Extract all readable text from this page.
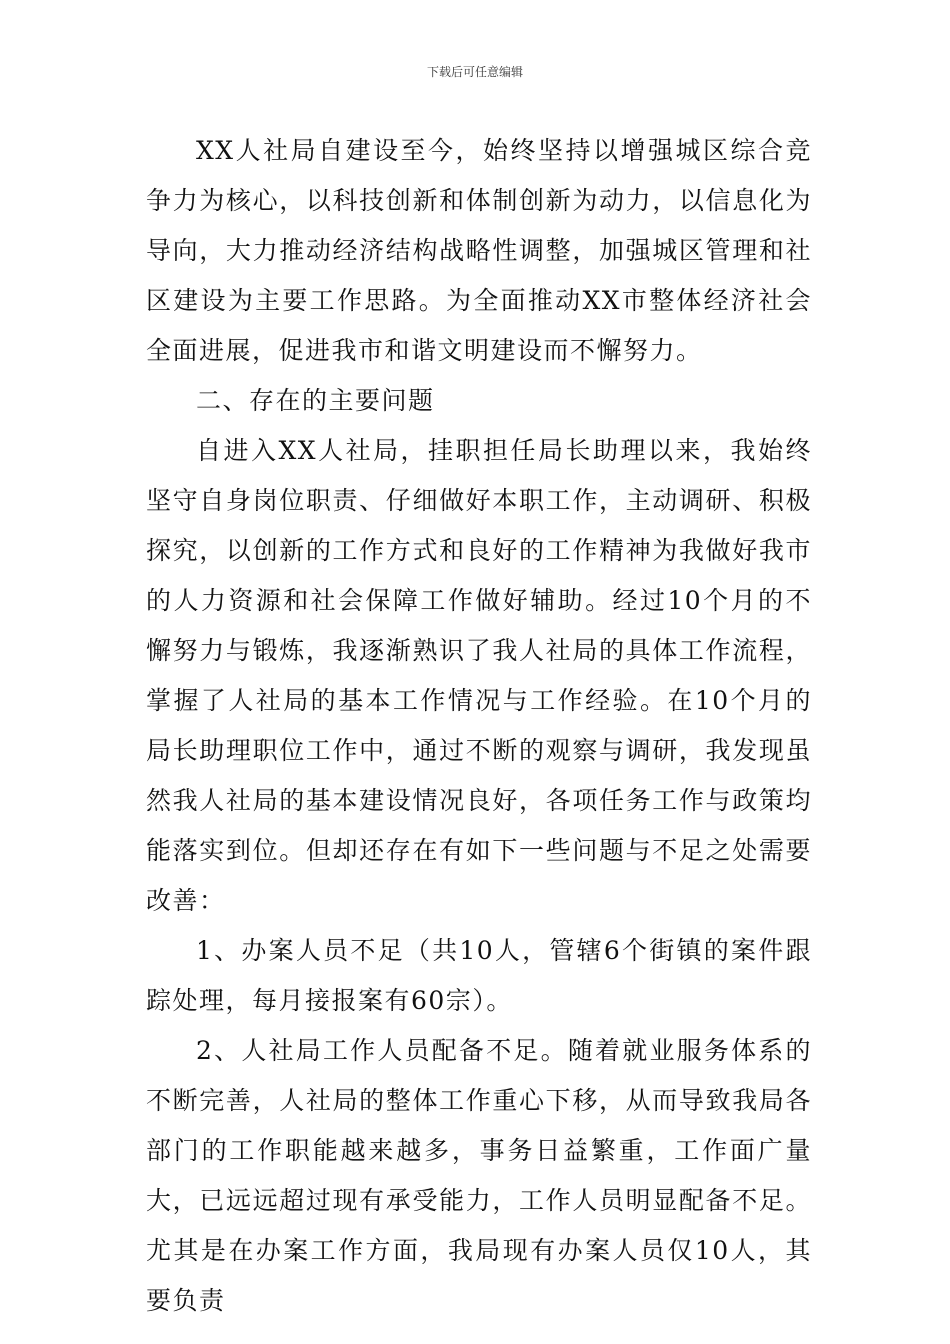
下载后可任意编辑

XX人社局自建设至今，始终坚持以增强城区综合竞争力为核心，以科技创新和体制创新为动力，以信息化为导向，大力推动经济结构战略性调整，加强城区管理和社区建设为主要工作思路。为全面推动XX市整体经济社会全面进展，促进我市和谐文明建设而不懈努力。

二、存在的主要问题

自进入XX人社局，挂职担任局长助理以来，我始终坚守自身岗位职责、仔细做好本职工作，主动调研、积极探究，以创新的工作方式和良好的工作精神为我做好我市的人力资源和社会保障工作做好辅助。经过10个月的不懈努力与锻炼，我逐渐熟识了我人社局的具体工作流程，掌握了人社局的基本工作情况与工作经验。在10个月的局长助理职位工作中，通过不断的观察与调研，我发现虽然我人社局的基本建设情况良好，各项任务工作与政策均能落实到位。但却还存在有如下一些问题与不足之处需要改善：

1、办案人员不足（共10人，管辖6个街镇的案件跟踪处理，每月接报案有60宗）。

2、人社局工作人员配备不足。随着就业服务体系的不断完善，人社局的整体工作重心下移，从而导致我局各部门的工作职能越来越多，事务日益繁重，工作面广量大，已远远超过现有承受能力，工作人员明显配备不足。尤其是在办案工作方面，我局现有办案人员仅10人，其要负责
